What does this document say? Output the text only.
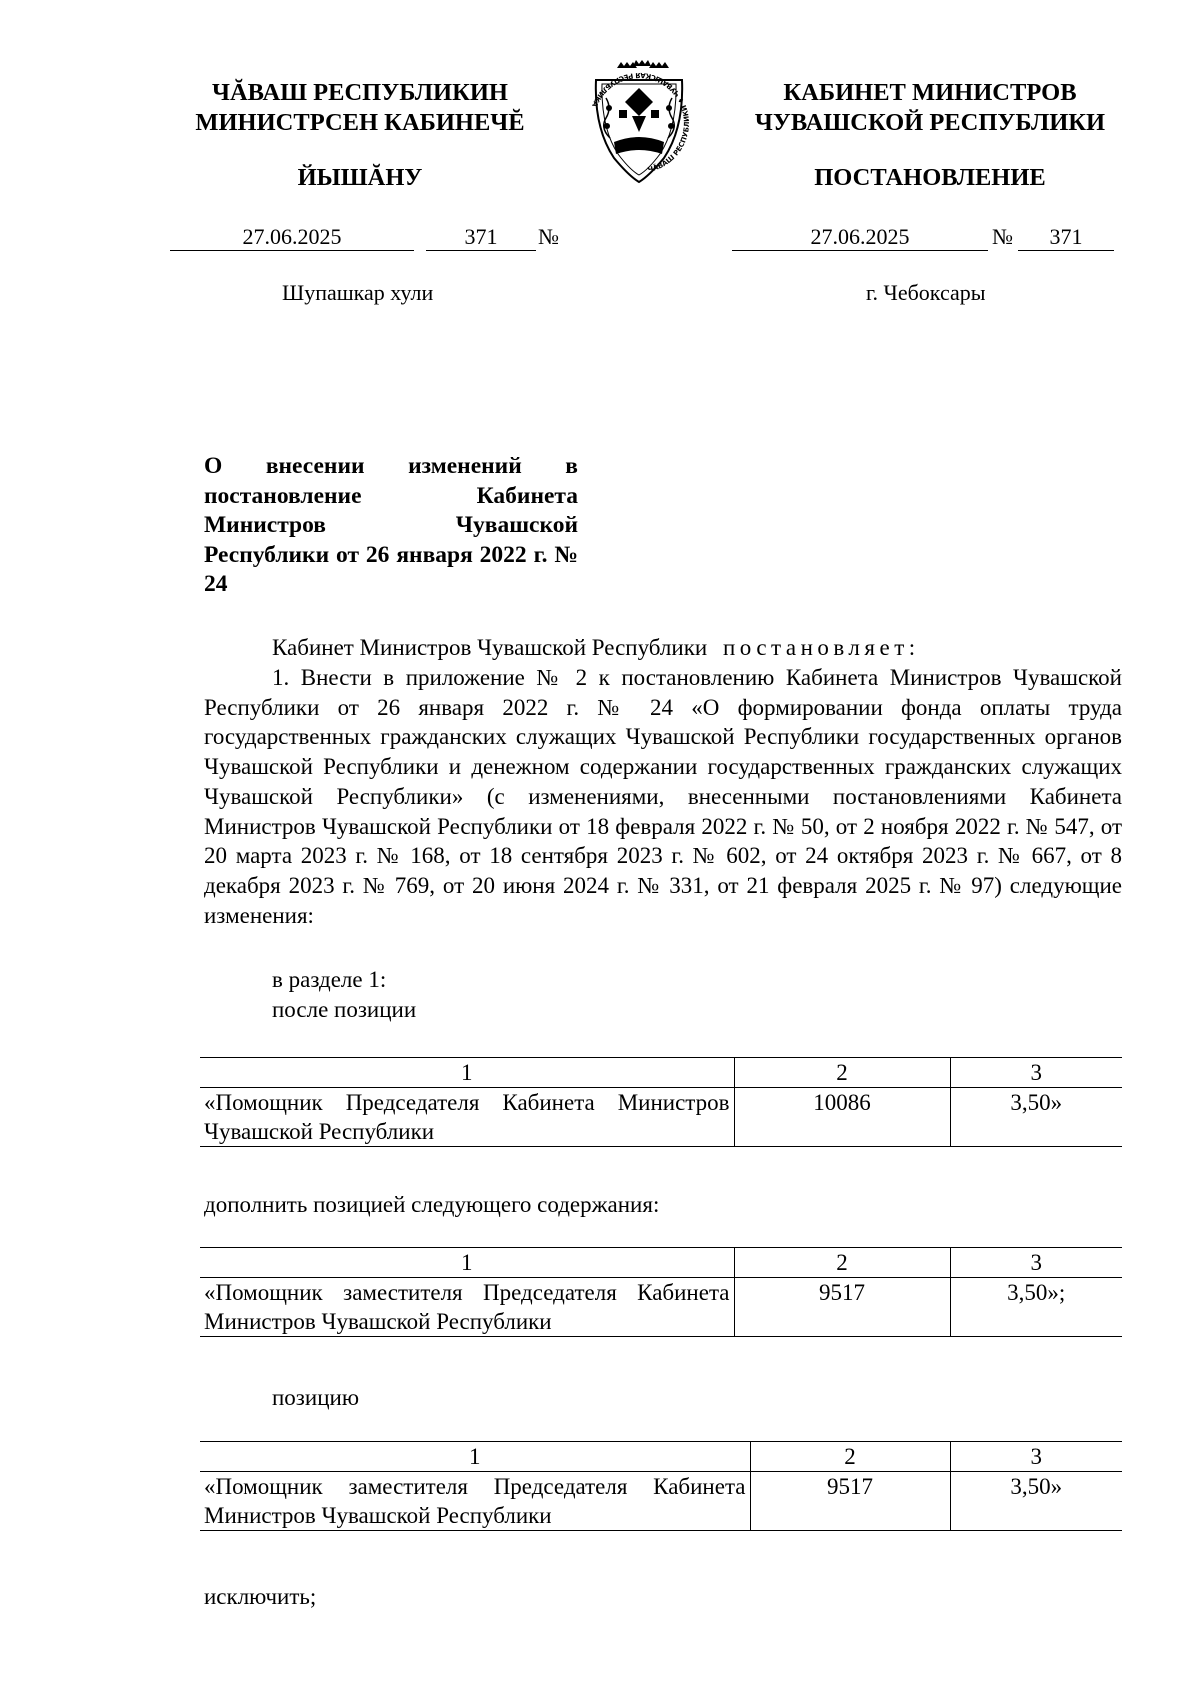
ЧĂВАШ РЕСПУБЛИКИН
МИНИСТРСЕН КАБИНЕЧĔ
ЙЫШĂНУ	ЧĂВАШ РЕСПУБЛИКИ ♦ ЧУВАШСКАЯ РЕСПУБЛИКА	КАБИНЕТ МИНИСТРОВ
ЧУВАШСКОЙ РЕСПУБЛИКИ
ПОСТАНОВЛЕНИЕ
27.06.2025	371	№	27.06.2025	№	371
Шупашкар хули	г. Чебоксары
О внесении изменений в постановление Кабинета Министров Чувашской Республики от 26 января 2022 г. № 24
Кабинет Министров Чувашской Республики постановляет:
1. Внести в приложение № 2 к постановлению Кабинета Министров Чувашской Республики от 26 января 2022 г. № 24 «О формировании фонда оплаты труда государственных гражданских служащих Чувашской Республики государственных органов Чувашской Республики и денежном содержании государственных гражданских служащих Чувашской Республики» (с изменениями, внесенными постановлениями Кабинета Министров Чувашской Республики от 18 февраля 2022 г. № 50, от 2 ноября 2022 г. № 547, от 20 марта 2023 г. № 168, от 18 сентября 2023 г. № 602, от 24 октября 2023 г. № 667, от 8 декабря 2023 г. № 769, от 20 июня 2024 г. № 331, от 21 февраля 2025 г. № 97) следующие изменения:
в разделе 1:
после позиции
1	2	3
«Помощник Председателя Кабинета Министров Чувашской Республики	10086	3,50»
дополнить позицией следующего содержания:
1	2	3
«Помощник заместителя Председателя Кабинета Министров Чувашской Республики	9517	3,50»;
позицию
1	2	3
«Помощник заместителя Председателя Кабинета Министров Чувашской Республики	9517	3,50»
исключить;
